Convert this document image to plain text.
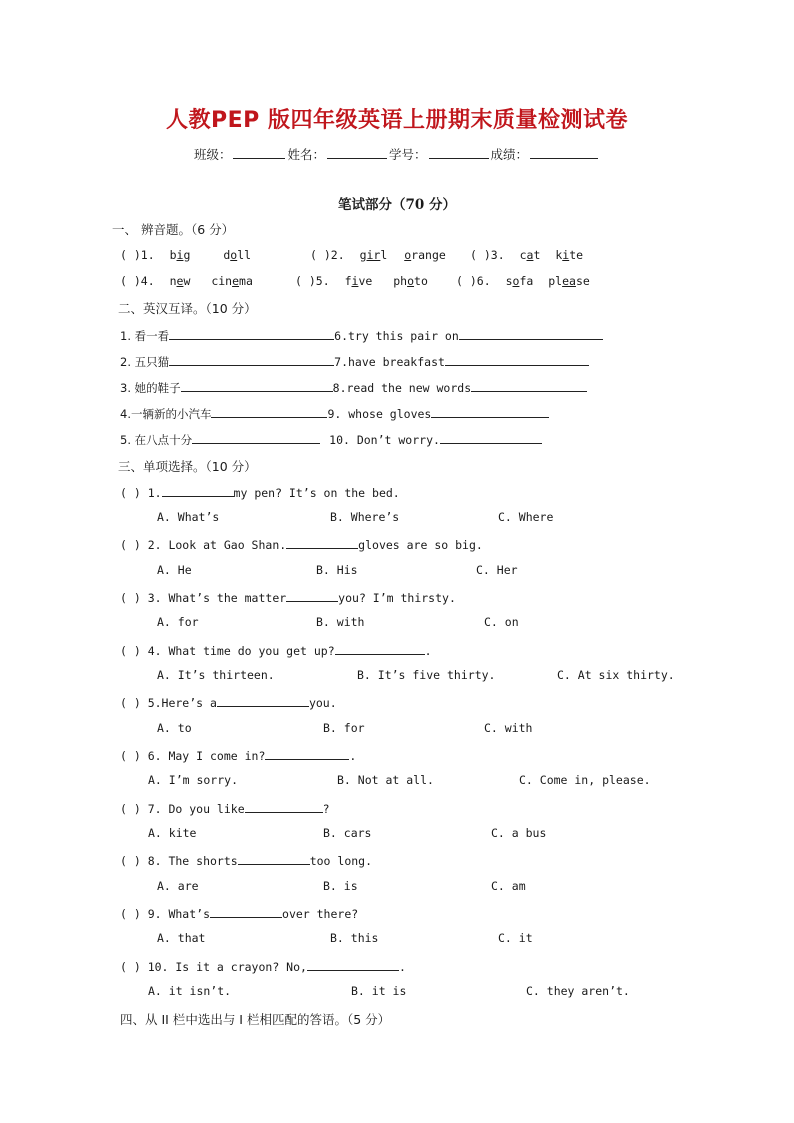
人教PEP 版四年级英语上册期末质量检测试卷
班级：	姓名：	学号：	成绩：
笔试部分（70 分）
一、 辨音题。（6 分）
( )1. big	doll	( )2. girl orange ( )3. cat kite
( )4. new cinema	( )5. five photo ( )6. sofa please
二、英汉互译。（10 分）
1. 看一看	6.try this pair on
2. 五只猫	7.have breakfast
3. 她的鞋子	8.read the new words
4.一辆新的小汽车	9. whose gloves
5. 在八点十分	10. Don’t worry.
三、单项选择。（10 分）
( ) 1.	my pen? It’s on the bed.
A. What’s	B. Where’s	C. Where
( ) 2. Look at Gao Shan.	gloves are so big.
A. He	B. His	C. Her
( ) 3. What’s the matter	you? I’m thirsty.
A. for	B. with	C. on
( ) 4. What time do you get up?	.
A. It’s thirteen.	B. It’s five thirty.	C. At six thirty.
( ) 5.Here’s a	you.
A. to	B. for	C. with
( ) 6. May I come in?	.
A. I’m sorry.	B. Not at all.	C. Come in, please.
( ) 7. Do you like	?
A. kite	B. cars	C. a bus
( ) 8. The shorts	too long.
A. are	B. is	C. am
( ) 9. What’s	over there?
A. that	B. this	C. it
( ) 10. Is it a crayon? No,	.
A. it isn’t.	B. it is	C. they aren’t.
四、从 II 栏中选出与 I 栏相匹配的答语。（5 分）
